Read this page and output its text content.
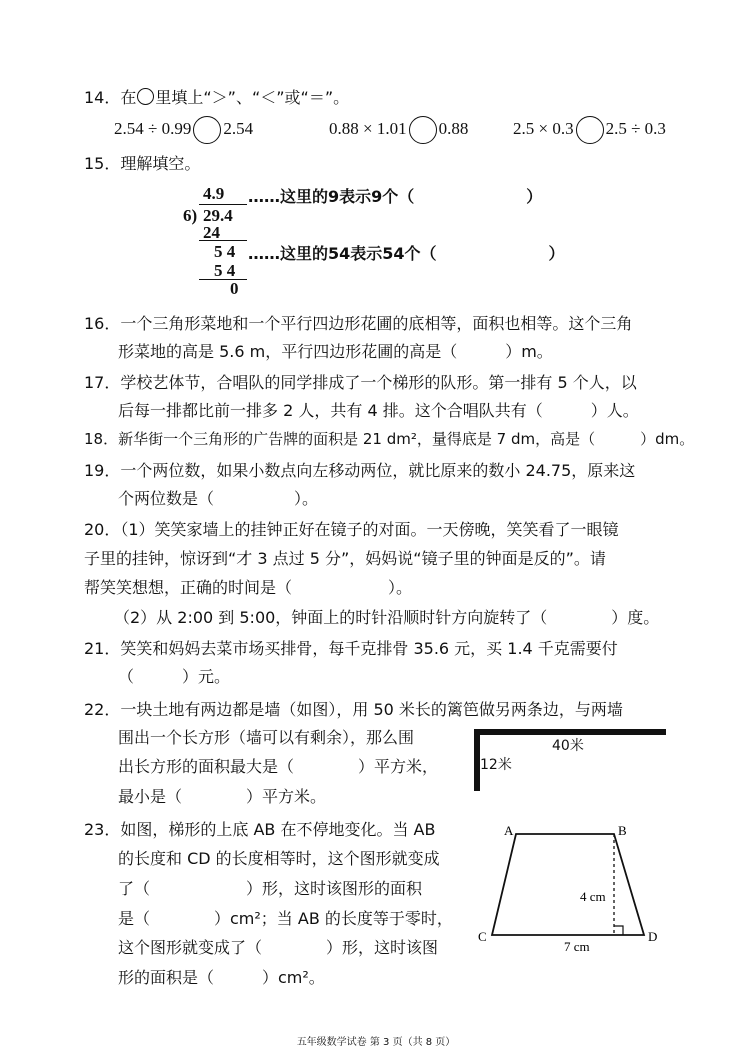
14．在 里填上“＞”、“＜”或“＝”。
2.54 ÷ 0.99 2.54	0.88 × 1.01 0.88	2.5 × 0.3 2.5 ÷ 0.3
15．理解填空。
4.9
6) 29.4
24
5 4
5 4
0
……这里的9表示9个（	）
……这里的54表示54个（	）
16．一个三角形菜地和一个平行四边形花圃的底相等，面积也相等。这个三角
形菜地的高是 5.6 m，平行四边形花圃的高是（　　　）m。
17．学校艺体节，合唱队的同学排成了一个梯形的队形。第一排有 5 个人，以
后每一排都比前一排多 2 人，共有 4 排。这个合唱队共有（　　　）人。
18．新华街一个三角形的广告牌的面积是 21 dm²，量得底是 7 dm，高是（　　　）dm。
19．一个两位数，如果小数点向左移动两位，就比原来的数小 24.75，原来这
个两位数是（　　　　　）。
20．（1）笑笑家墙上的挂钟正好在镜子的对面。一天傍晚，笑笑看了一眼镜
子里的挂钟，惊讶到“才 3 点过 5 分”，妈妈说“镜子里的钟面是反的”。请
帮笑笑想想，正确的时间是（　　　　　　）。
（2）从 2:00 到 5:00，钟面上的时针沿顺时针方向旋转了（　　　　）度。
21．笑笑和妈妈去菜市场买排骨，每千克排骨 35.6 元，买 1.4 千克需要付
（　　　）元。
22．一块土地有两边都是墙（如图），用 50 米长的篱笆做另两条边，与两墙
围出一个长方形（墙可以有剩余），那么围
出长方形的面积最大是（　　　　）平方米，
最小是（　　　　）平方米。
40米
12米
23．如图，梯形的上底 AB 在不停地变化。当 AB
的长度和 CD 的长度相等时，这个图形就变成
了（　　　　　　）形，这时该图形的面积
是（　　　　）cm²；当 AB 的长度等于零时，
这个图形就变成了（　　　　）形，这时该图
形的面积是（　　　）cm²。
A	B
C	D
4 cm
7 cm
五年级数学试卷 第 3 页（共 8 页）
